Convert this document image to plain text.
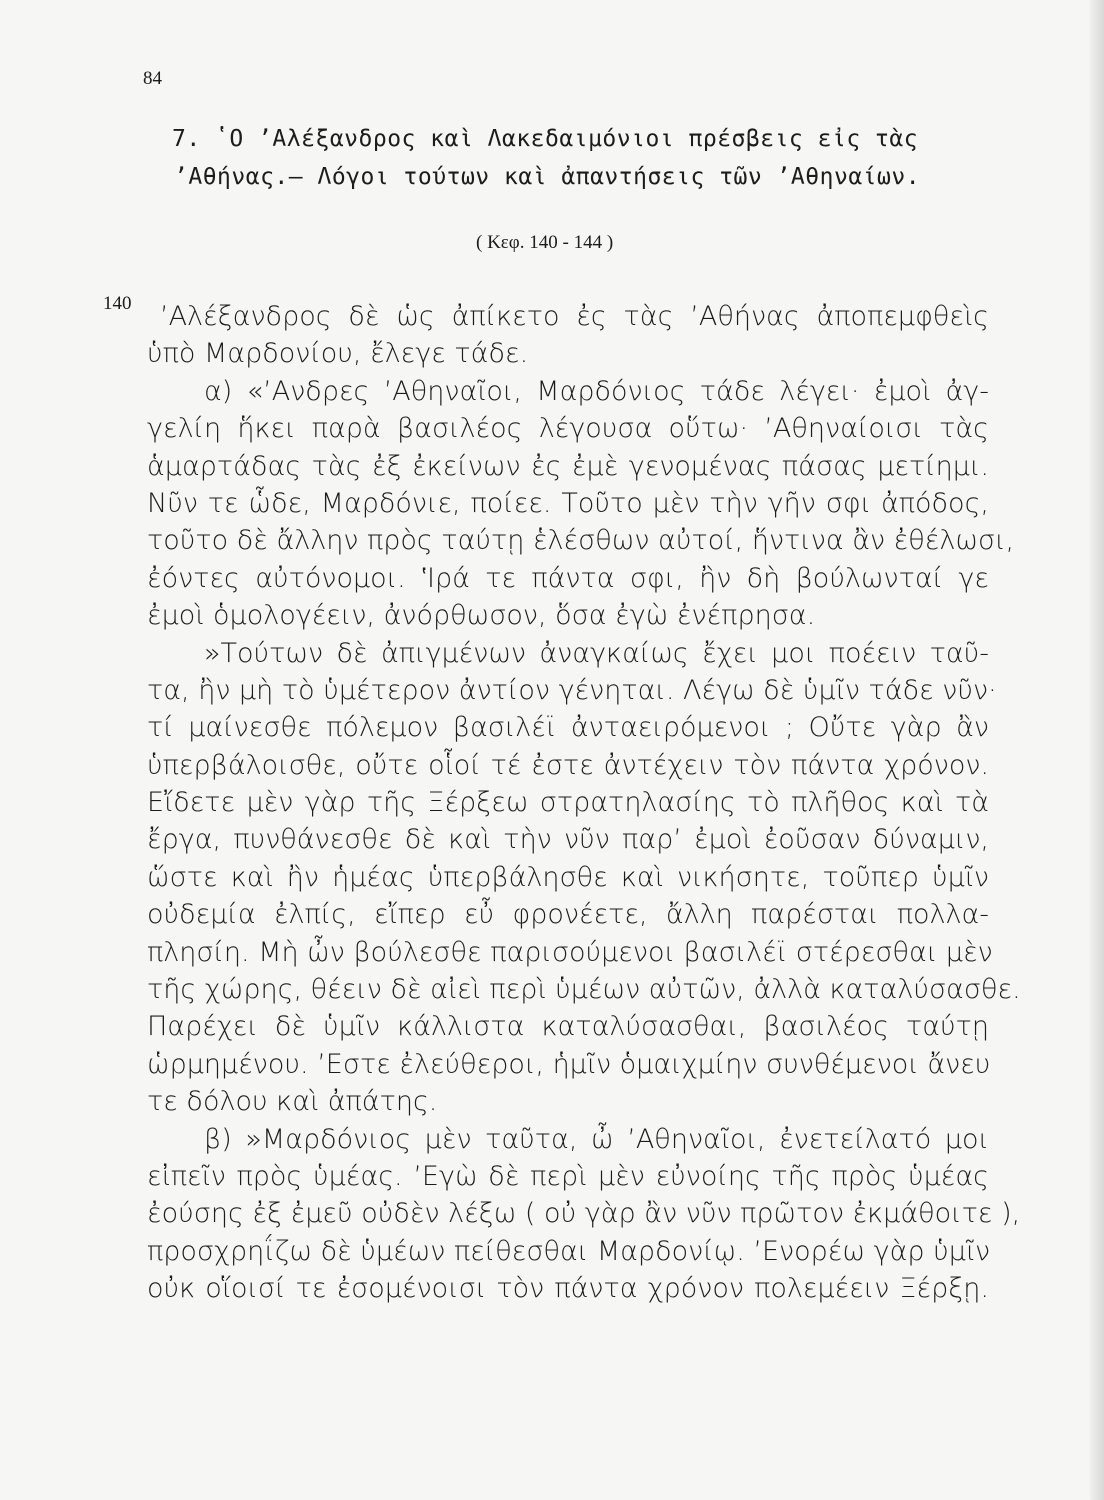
84
7. ʽΟ ʼΑλέξανδρος καὶ Λακεδαιμόνιοι πρέσβεις εἰς τὰς
ʼΑθήνας.— Λόγοι τούτων καὶ ἀπαντήσεις τῶν ʼΑθηναίων.
( Κεφ. 140 - 144 )
140	ʼΑλέξανδρος δὲ ὡς ἀπίκετο ἐς τὰς ʼΑθήνας ἀποπεμφθεὶς
ὑπὸ Μαρδονίου, ἔλεγε τάδε.
α) «ʼΑνδρες ʼΑθηναῖοι, Μαρδόνιος τάδε λέγει· ἐμοὶ ἀγ-
γελίη ἥκει παρὰ βασιλέος λέγουσα οὕτω· ʼΑθηναίοισι τὰς
ἁμαρτάδας τὰς ἐξ ἐκείνων ἐς ἐμὲ γενομένας πάσας μετίημι.
Νῦν τε ὧδε, Μαρδόνιε, ποίεε. Τοῦτο μὲν τὴν γῆν σφι ἀπόδος,
τοῦτο δὲ ἄλλην πρὸς ταύτῃ ἑλέσθων αὐτοί, ἥντινα ἂν ἐθέλωσι,
ἐόντες αὐτόνομοι. ʽΙρά τε πάντα σφι, ἢν δὴ βούλωνταί γε
ἐμοὶ ὁμολογέειν, ἀνόρθωσον, ὅσα ἐγὼ ἐνέπρησα.
»Τούτων δὲ ἀπιγμένων ἀναγκαίως ἔχει μοι ποέειν ταῦ-
τα, ἢν μὴ τὸ ὑμέτερον ἀντίον γένηται. Λέγω δὲ ὑμῖν τάδε νῦν·
τί μαίνεσθε πόλεμον βασιλέϊ ἀνταειρόμενοι ; Οὔτε γὰρ ἂν
ὑπερβάλοισθε, οὔτε οἷοί τέ ἐστε ἀντέχειν τὸν πάντα χρόνον.
Εἴδετε μὲν γὰρ τῆς Ξέρξεω στρατηλασίης τὸ πλῆθος καὶ τὰ
ἔργα, πυνθάνεσθε δὲ καὶ τὴν νῦν παρʼ ἐμοὶ ἐοῦσαν δύναμιν,
ὥστε καὶ ἢν ἡμέας ὑπερβάλησθε καὶ νικήσητε, τοῦπερ ὑμῖν
οὐδεμία ἐλπίς, εἴπερ εὖ φρονέετε, ἄλλη παρέσται πολλα-
πλησίη. Μὴ ὦν βούλεσθε παρισούμενοι βασιλέϊ στέρεσθαι μὲν
τῆς χώρης, θέειν δὲ αἰεὶ περὶ ὑμέων αὐτῶν, ἀλλὰ καταλύσασθε.
Παρέχει δὲ ὑμῖν κάλλιστα καταλύσασθαι, βασιλέος ταύτῃ
ὡρμημένου. ʼΕστε ἐλεύθεροι, ἡμῖν ὁμαιχμίην συνθέμενοι ἄνευ
τε δόλου καὶ ἀπάτης.
β) »Μαρδόνιος μὲν ταῦτα, ὦ ʼΑθηναῖοι, ἐνετείλατό μοι
εἰπεῖν πρὸς ὑμέας. ʼΕγὼ δὲ περὶ μὲν εὐνοίης τῆς πρὸς ὑμέας
ἐούσης ἐξ ἐμεῦ οὐδὲν λέξω ( οὐ γὰρ ἂν νῦν πρῶτον ἐκμάθοιτε ),
προσχρηΐζω δὲ ὑμέων πείθεσθαι Μαρδονίῳ. ʼΕνορέω γὰρ ὑμῖν
οὐκ οἵοισί τε ἐσομένοισι τὸν πάντα χρόνον πολεμέειν Ξέρξῃ.
